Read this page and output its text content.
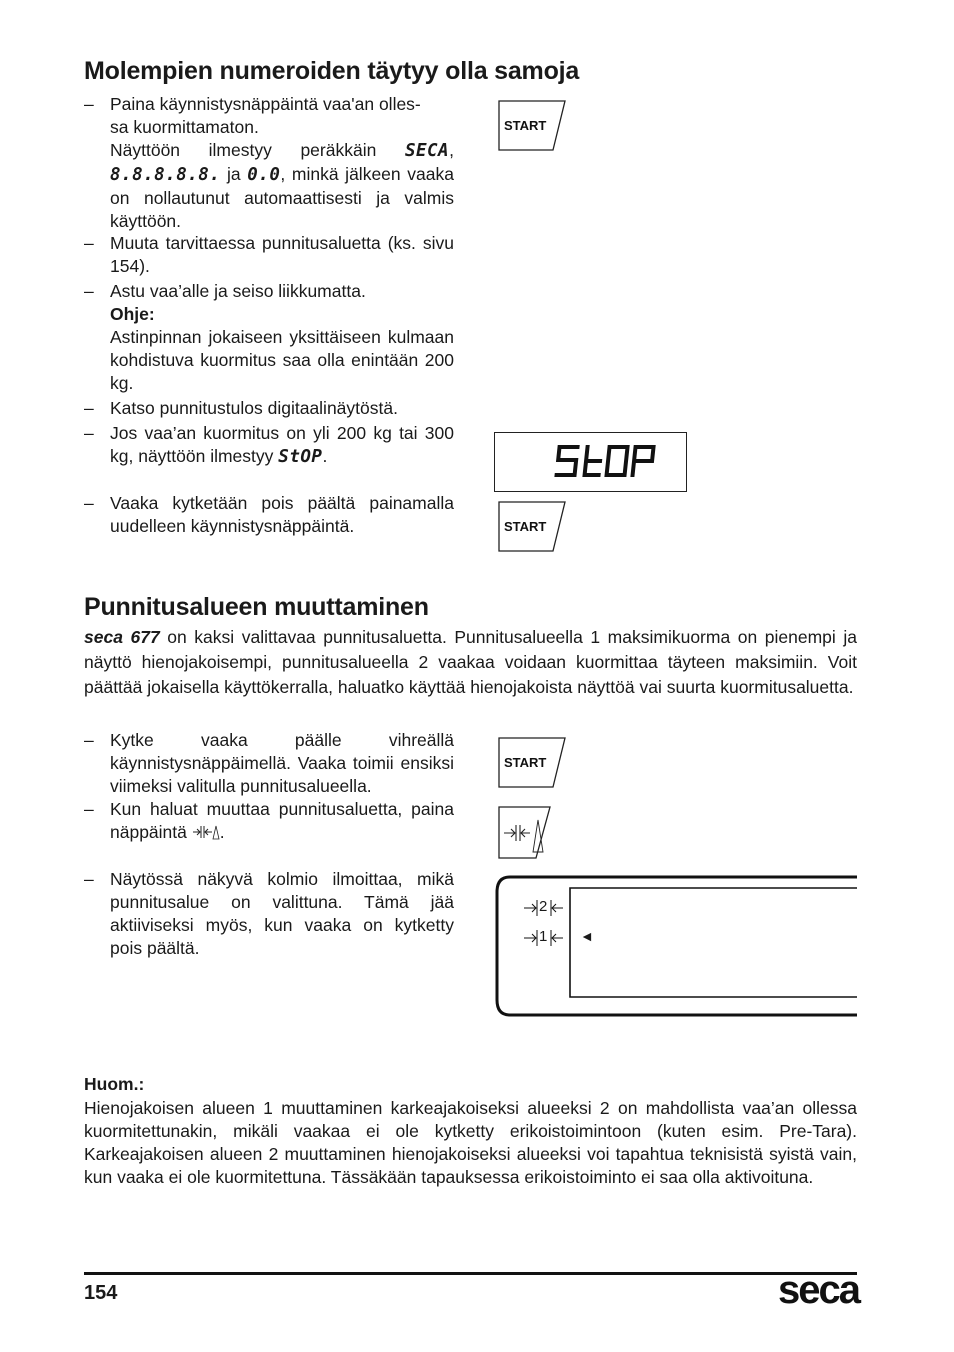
Molempien numeroiden täytyy olla samoja
– Paina käynnistysnäppäintä vaa'an olles-
sa kuormittamaton.
Näyttöön ilmestyy peräkkäin SECA, 8.8.8.8.8. ja 0.0, minkä jälkeen vaaka on nollautunut automaattisesti ja valmis käyttöön.
– Muuta tarvittaessa punnitusaluetta (ks. sivu 154).
– Astu vaa’alle ja seiso liikkumatta.
Ohje:
Astinpinnan jokaiseen yksittäiseen kulmaan kohdistuva kuormitus saa olla enintään 200 kg.
– Katso punnitustulos digitaalinäytöstä.
– Jos vaa’an kuormitus on yli 200 kg tai 300 kg, näyttöön ilmestyy StOP.
– Vaaka kytketään pois päältä painamalla uudelleen käynnistysnäppäintä.
START
START
Punnitusalueen muuttaminen
seca 677 on kaksi valittavaa punnitusaluetta. Punnitusalueella 1 maksimikuorma on pienempi ja näyttö hienojakoisempi, punnitusalueella 2 vaakaa voidaan kuormittaa täyteen maksimiin. Voit päättää jokaisella käyttökerralla, haluatko käyttää hienojakoista näyttöä vai suurta kuormitusaluetta.
– Kytke vaaka päälle vihreällä käynnistysnäppäimellä. Vaaka toimii ensiksi viimeksi valitulla punnitusalueella.
– Kun haluat muuttaa punnitusaluetta, paina näppäintä .
– Näytössä näkyvä kolmio ilmoittaa, mikä punnitusalue on valittuna. Tämä jää aktiiviseksi myös, kun vaaka on kytketty pois päältä.
START
2
1 ◄
Huom.:
Hienojakoisen alueen 1 muuttaminen karkeajakoiseksi alueeksi 2 on mahdollista vaa’an ollessa kuormitettunakin, mikäli vaakaa ei ole kytketty erikoistoimintoon (kuten esim. Pre-Tara). Karkeajakoisen alueen 2 muuttaminen hienojakoiseksi alueeksi voi tapahtua teknisistä syistä vain, kun vaaka ei ole kuormitettuna. Tässäkään tapauksessa erikoistoiminto ei saa olla aktivoituna.
154	seca
